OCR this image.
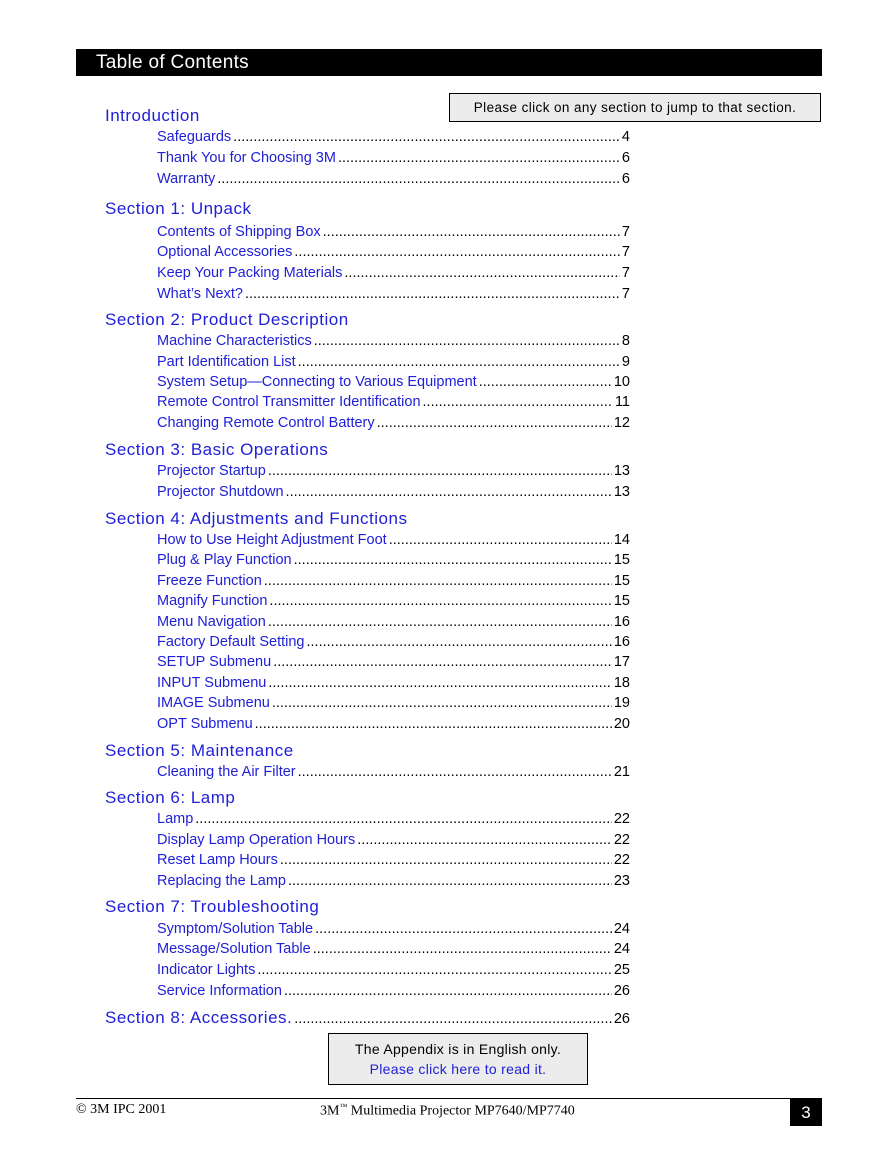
Table of Contents
Please click on any section to jump to that section.
Introduction
Safeguards .....	4
Thank You for Choosing 3M .....	6
Warranty .....	6
Section 1: Unpack
Contents of Shipping Box .....	7
Optional Accessories .....	7
Keep Your Packing Materials .....	7
What’s Next? .....	7
Section 2: Product Description
Machine Characteristics .....	8
Part Identification List .....	9
System Setup—Connecting to Various Equipment .....	10
Remote Control Transmitter Identification .....	11
Changing Remote Control Battery .....	12
Section 3: Basic Operations
Projector Startup .....	13
Projector Shutdown .....	13
Section 4: Adjustments and Functions
How to Use Height Adjustment Foot .....	14
Plug & Play Function .....	15
Freeze Function .....	15
Magnify Function .....	15
Menu Navigation .....	16
Factory Default Setting .....	16
SETUP Submenu .....	17
INPUT Submenu .....	18
IMAGE Submenu .....	19
OPT Submenu .....	20
Section 5: Maintenance
Cleaning the Air Filter .....	21
Section 6: Lamp
Lamp .....	22
Display Lamp Operation Hours .....	22
Reset Lamp Hours .....	22
Replacing the Lamp .....	23
Section 7: Troubleshooting
Symptom/Solution Table .....	24
Message/Solution Table .....	24
Indicator Lights .....	25
Service Information .....	26
Section 8: Accessories. .....	26
The Appendix is in English only.
Please click here to read it.
© 3M IPC 2001	3M™ Multimedia Projector MP7640/MP7740	3
